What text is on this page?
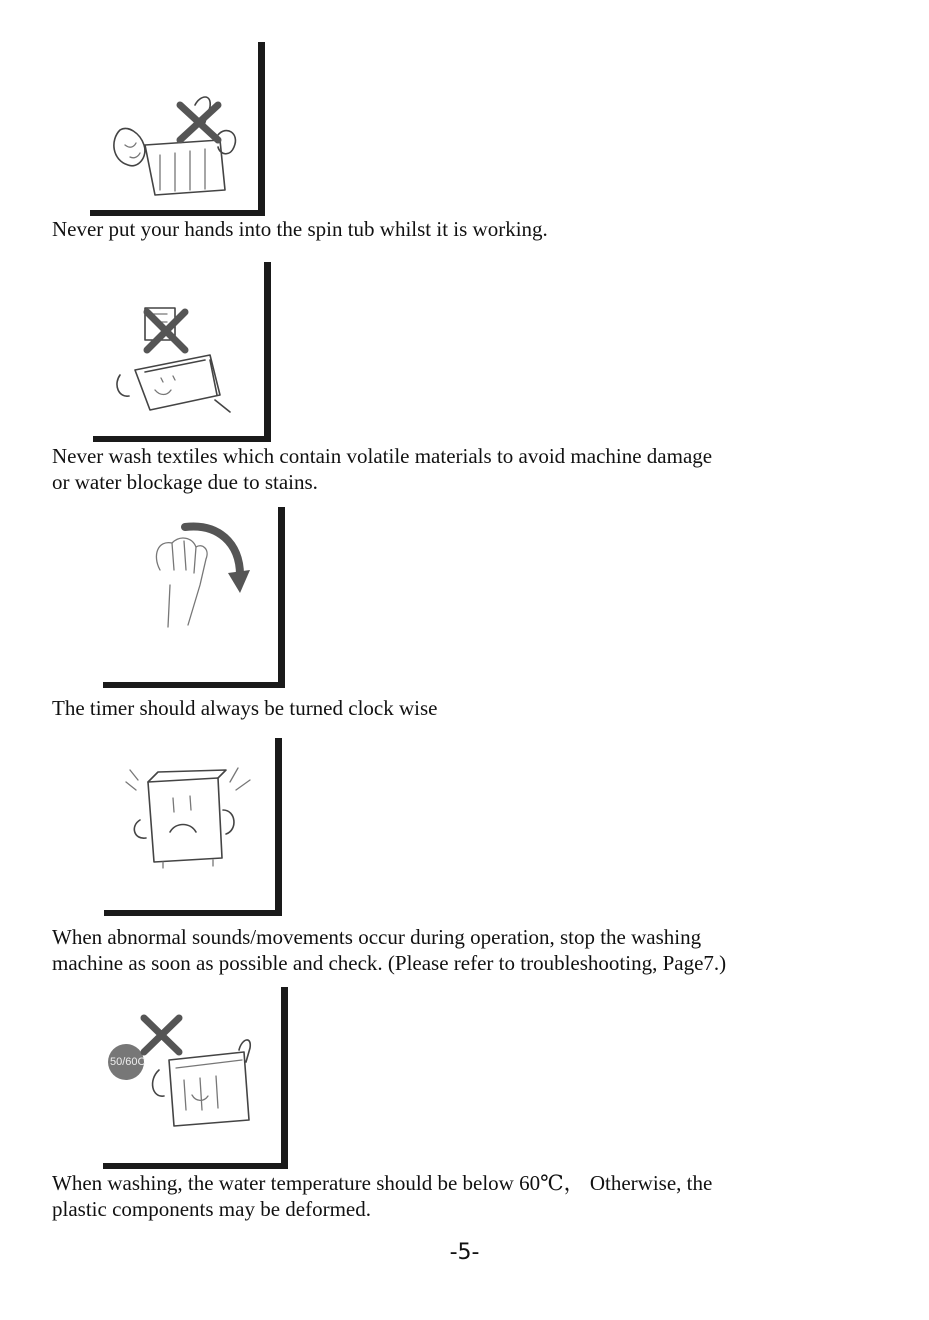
Never put your hands into the spin tub whilst it is working.
Never wash textiles which contain volatile materials to avoid machine damage
or water blockage due to stains.
The timer should always be turned clock wise
When abnormal sounds/movements occur during operation, stop the washing
machine as soon as possible and check. (Please refer to troubleshooting, Page7.)
50/60C
When washing, the water temperature should be below 60℃， Otherwise, the
plastic components may be deformed.
-5-
